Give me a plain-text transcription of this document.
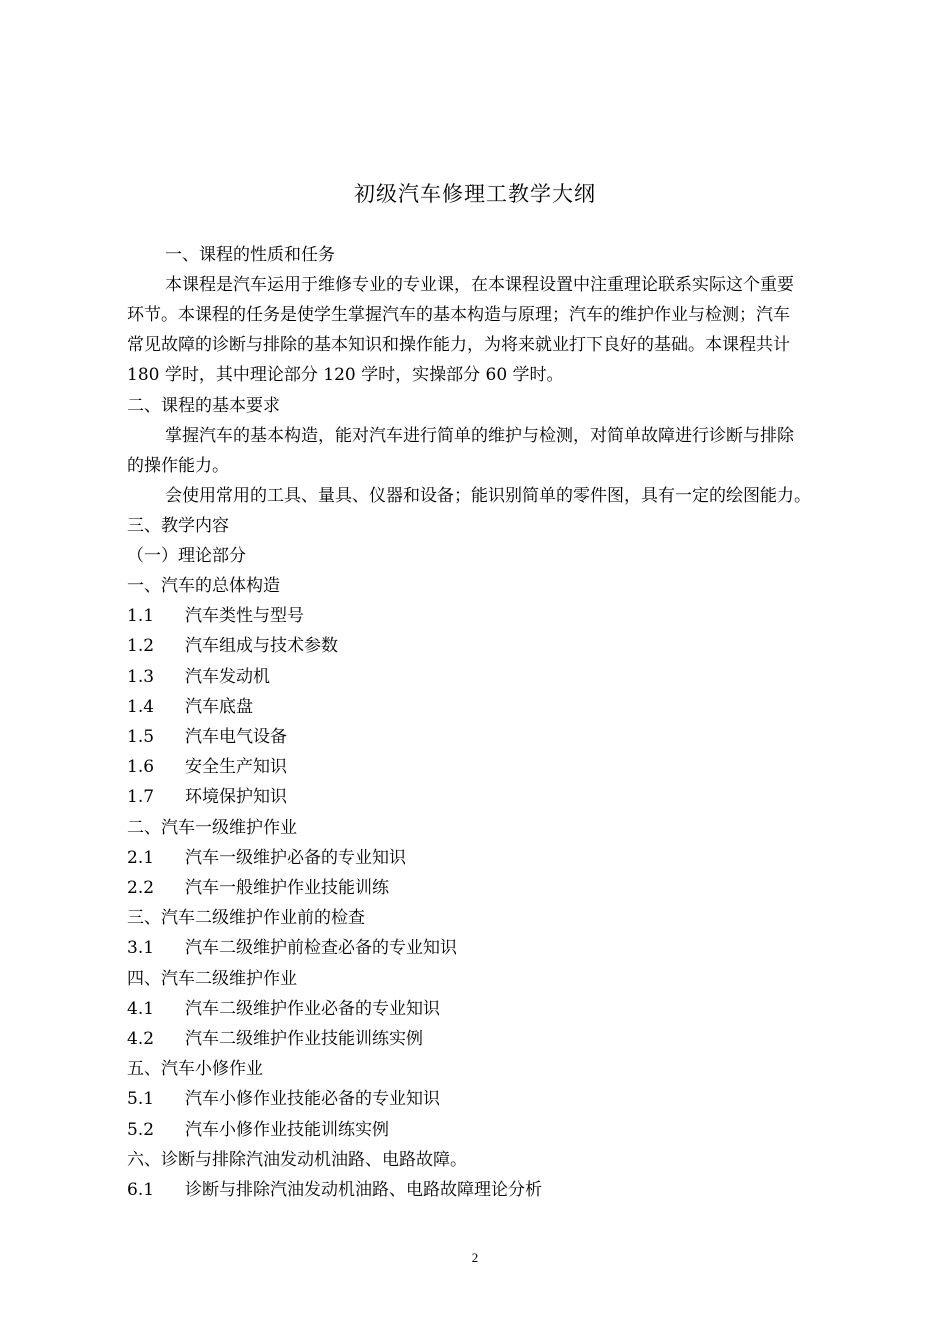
初级汽车修理工教学大纲
一、课程的性质和任务
本课程是汽车运用于维修专业的专业课，在本课程设置中注重理论联系实际这个重要
环节。本课程的任务是使学生掌握汽车的基本构造与原理；汽车的维护作业与检测；汽车
常见故障的诊断与排除的基本知识和操作能力，为将来就业打下良好的基础。本课程共计
180 学时，其中理论部分 120 学时，实操部分 60 学时。
二、课程的基本要求
掌握汽车的基本构造，能对汽车进行简单的维护与检测，对简单故障进行诊断与排除
的操作能力。
会使用常用的工具、量具、仪器和设备；能识别简单的零件图，具有一定的绘图能力。
三、教学内容
（一）理论部分
一、汽车的总体构造
1.1 汽车类性与型号
1.2 汽车组成与技术参数
1.3 汽车发动机
1.4 汽车底盘
1.5 汽车电气设备
1.6 安全生产知识
1.7 环境保护知识
二、汽车一级维护作业
2.1 汽车一级维护必备的专业知识
2.2 汽车一般维护作业技能训练
三、汽车二级维护作业前的检查
3.1 汽车二级维护前检查必备的专业知识
四、汽车二级维护作业
4.1 汽车二级维护作业必备的专业知识
4.2 汽车二级维护作业技能训练实例
五、汽车小修作业
5.1 汽车小修作业技能必备的专业知识
5.2 汽车小修作业技能训练实例
六、诊断与排除汽油发动机油路、电路故障。
6.1 诊断与排除汽油发动机油路、电路故障理论分析
2
